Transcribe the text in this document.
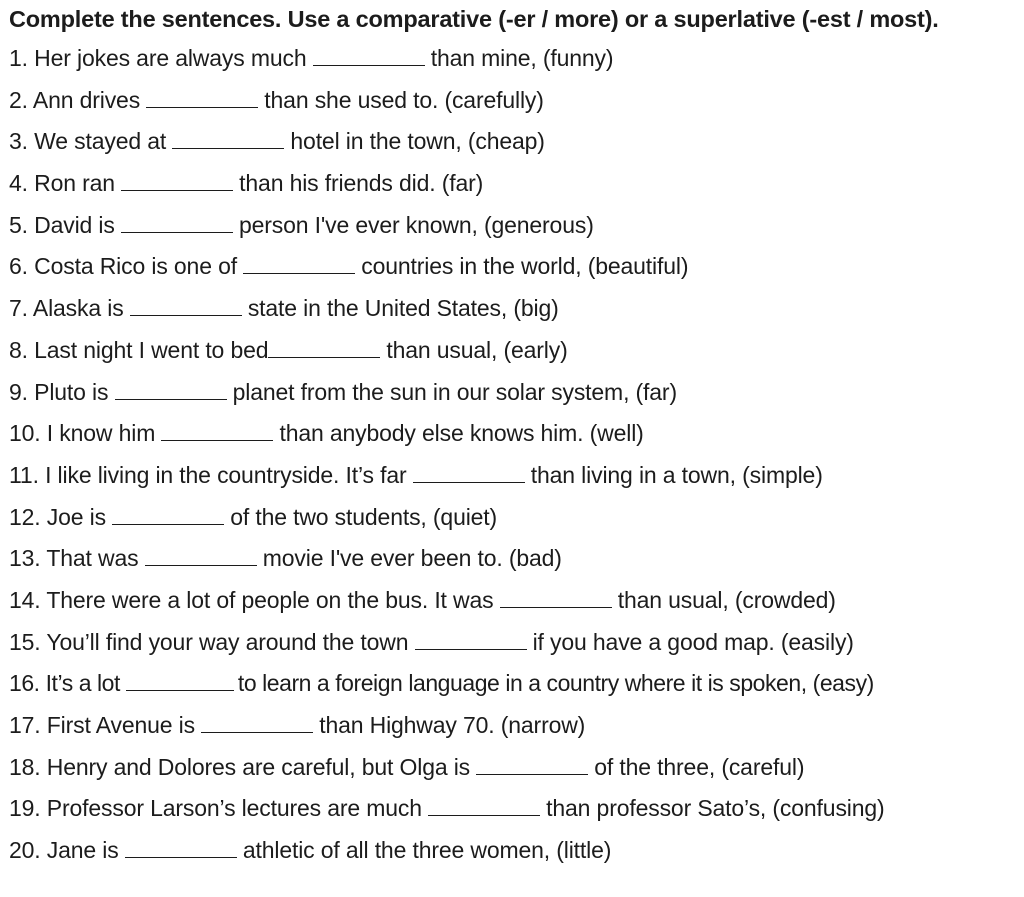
Complete the sentences. Use a comparative (-er / more) or a superlative (-est / most).
1. Her jokes are always much	than mine, (funny)
2. Ann drives	than she used to. (carefully)
3. We stayed at	hotel in the town, (cheap)
4. Ron ran	than his friends did. (far)
5. David is	person I've ever known, (generous)
6. Costa Rico is one of	countries in the world, (beautiful)
7. Alaska is	state in the United States, (big)
8. Last night I went to bed	than usual, (early)
9. Pluto is	planet from the sun in our solar system, (far)
10. I know him	than anybody else knows him. (well)
11. I like living in the countryside. It’s far	than living in a town, (simple)
12. Joe is	of the two students, (quiet)
13. That was	movie I've ever been to. (bad)
14. There were a lot of people on the bus. It was	than usual, (crowded)
15. You’ll find your way around the town	if you have a good map. (easily)
16. It’s a lot	to learn a foreign language in a country where it is spoken, (easy)
17. First Avenue is	than Highway 70. (narrow)
18. Henry and Dolores are careful, but Olga is	of the three, (careful)
19. Professor Larson’s lectures are much	than professor Sato’s, (confusing)
20. Jane is	athletic of all the three women, (little)
